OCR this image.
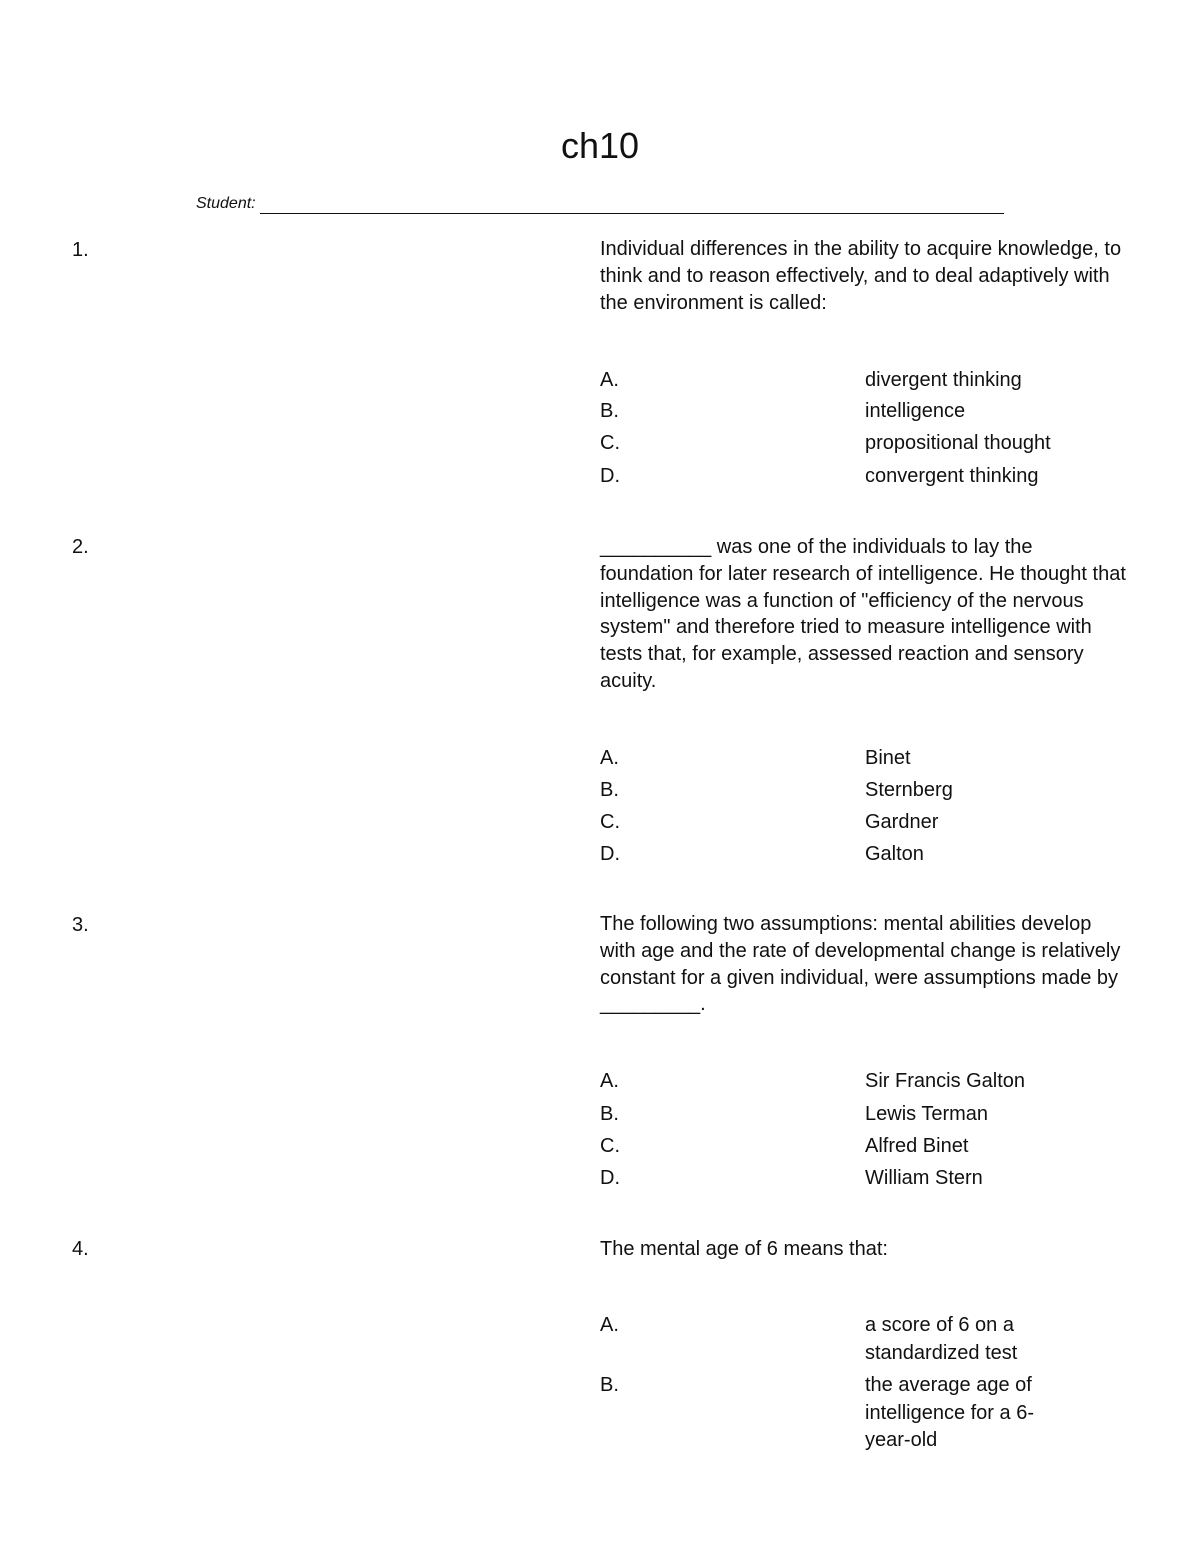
ch10
Student:
1.	Individual differences in the ability to acquire knowledge, to think and to reason effectively, and to deal adaptively with the environment is called:
A.	divergent thinking
B.	intelligence
C.	propositional thought
D.	convergent thinking
2.	__________ was one of the individuals to lay the foundation for later research of intelligence. He thought that intelligence was a function of "efficiency of the nervous system" and therefore tried to measure intelligence with tests that, for example, assessed reaction and sensory acuity.
A.	Binet
B.	Sternberg
C.	Gardner
D.	Galton
3.	The following two assumptions: mental abilities develop with age and the rate of developmental change is relatively constant for a given individual, were assumptions made by _________.
A.	Sir Francis Galton
B.	Lewis Terman
C.	Alfred Binet
D.	William Stern
4.	The mental age of 6 means that:
A.	a score of 6 on a standardized test
B.	the average age of intelligence for a 6-year-old
